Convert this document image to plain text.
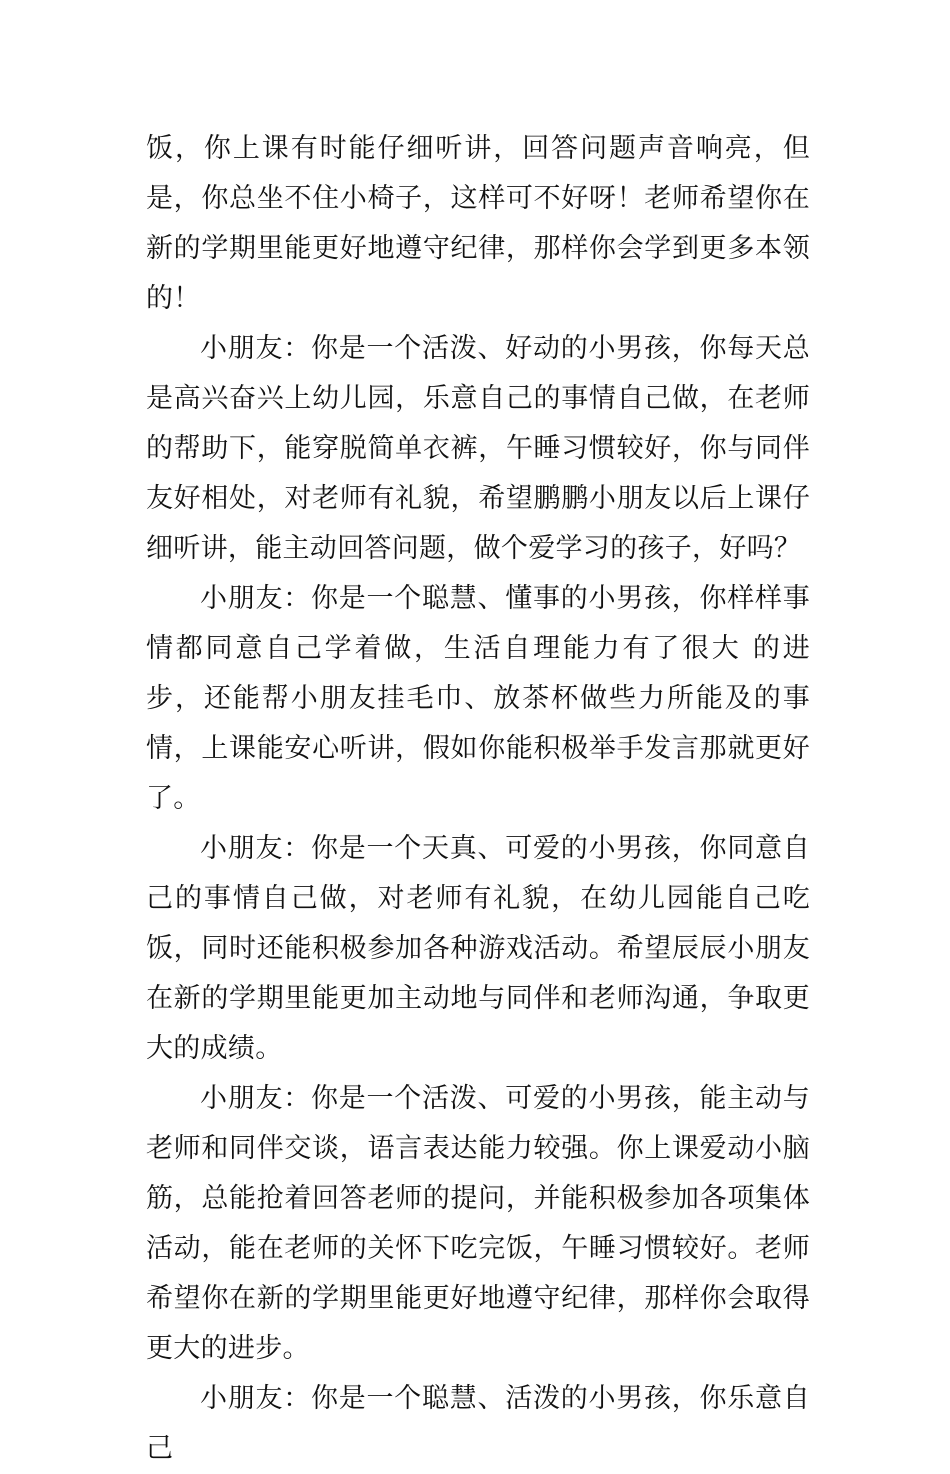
饭，你上课有时能仔细听讲，回答问题声音响亮，但是，你总坐不住小椅子，这样可不好呀！老师希望你在新的学期里能更好地遵守纪律，那样你会学到更多本领的！

小朋友：你是一个活泼、好动的小男孩，你每天总是高兴奋兴上幼儿园，乐意自己的事情自己做，在老师的帮助下，能穿脱简单衣裤，午睡习惯较好，你与同伴友好相处，对老师有礼貌，希望鹏鹏小朋友以后上课仔细听讲，能主动回答问题，做个爱学习的孩子，好吗？

小朋友：你是一个聪慧、懂事的小男孩，你样样事情都同意自己学着做，生活自理能力有了很大 的进步，还能帮小朋友挂毛巾、放茶杯做些力所能及的事情，上课能安心听讲，假如你能积极举手发言那就更好了。

小朋友：你是一个天真、可爱的小男孩，你同意自己的事情自己做，对老师有礼貌，在幼儿园能自己吃饭，同时还能积极参加各种游戏活动。希望辰辰小朋友在新的学期里能更加主动地与同伴和老师沟通，争取更大的成绩。

小朋友：你是一个活泼、可爱的小男孩，能主动与老师和同伴交谈，语言表达能力较强。你上课爱动小脑筋，总能抢着回答老师的提问，并能积极参加各项集体活动，能在老师的关怀下吃完饭，午睡习惯较好。老师希望你在新的学期里能更好地遵守纪律，那样你会取得更大的进步。

小朋友：你是一个聪慧、活泼的小男孩，你乐意自己
